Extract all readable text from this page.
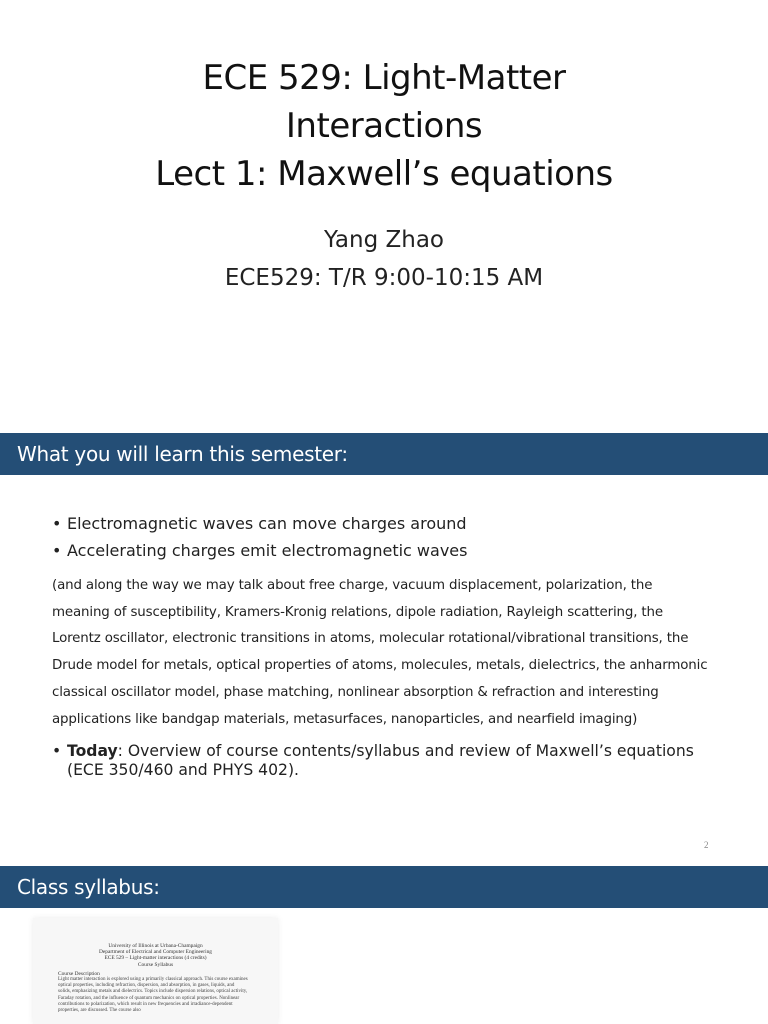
ECE 529: Light-Matter
Interactions
Lect 1: Maxwell’s equations
Yang Zhao
ECE529: T/R 9:00-10:15 AM
What you will learn this semester:
• Electromagnetic waves can move charges around
• Accelerating charges emit electromagnetic waves
(and along the way we may talk about free charge, vacuum displacement, polarization, the meaning of susceptibility, Kramers-Kronig relations, dipole radiation, Rayleigh scattering, the Lorentz oscillator, electronic transitions in atoms, molecular rotational/vibrational transitions, the Drude model for metals, optical properties of atoms, molecules, metals, dielectrics, the anharmonic classical oscillator model, phase matching, nonlinear absorption & refraction and interesting applications like bandgap materials, metasurfaces, nanoparticles, and nearfield imaging)
• Today: Overview of course contents/syllabus and review of Maxwell’s equations (ECE 350/460 and PHYS 402).
2
Class syllabus:
University of Illinois at Urbana-Champaign
Department of Electrical and Computer Engineering
ECE 529 – Light-matter interactions (4 credits)
Course Syllabus
Course Description
Light matter interaction is explored using a primarily classical approach. This course examines optical properties, including refraction, dispersion, and absorption, in gases, liquids, and solids, emphasizing metals and dielectrics. Topics include dispersion relations, optical activity, Faraday rotation, and the influence of quantum mechanics on optical properties. Nonlinear contributions to polarization, which result in new frequencies and irradiance-dependent properties, are discussed. The course also
